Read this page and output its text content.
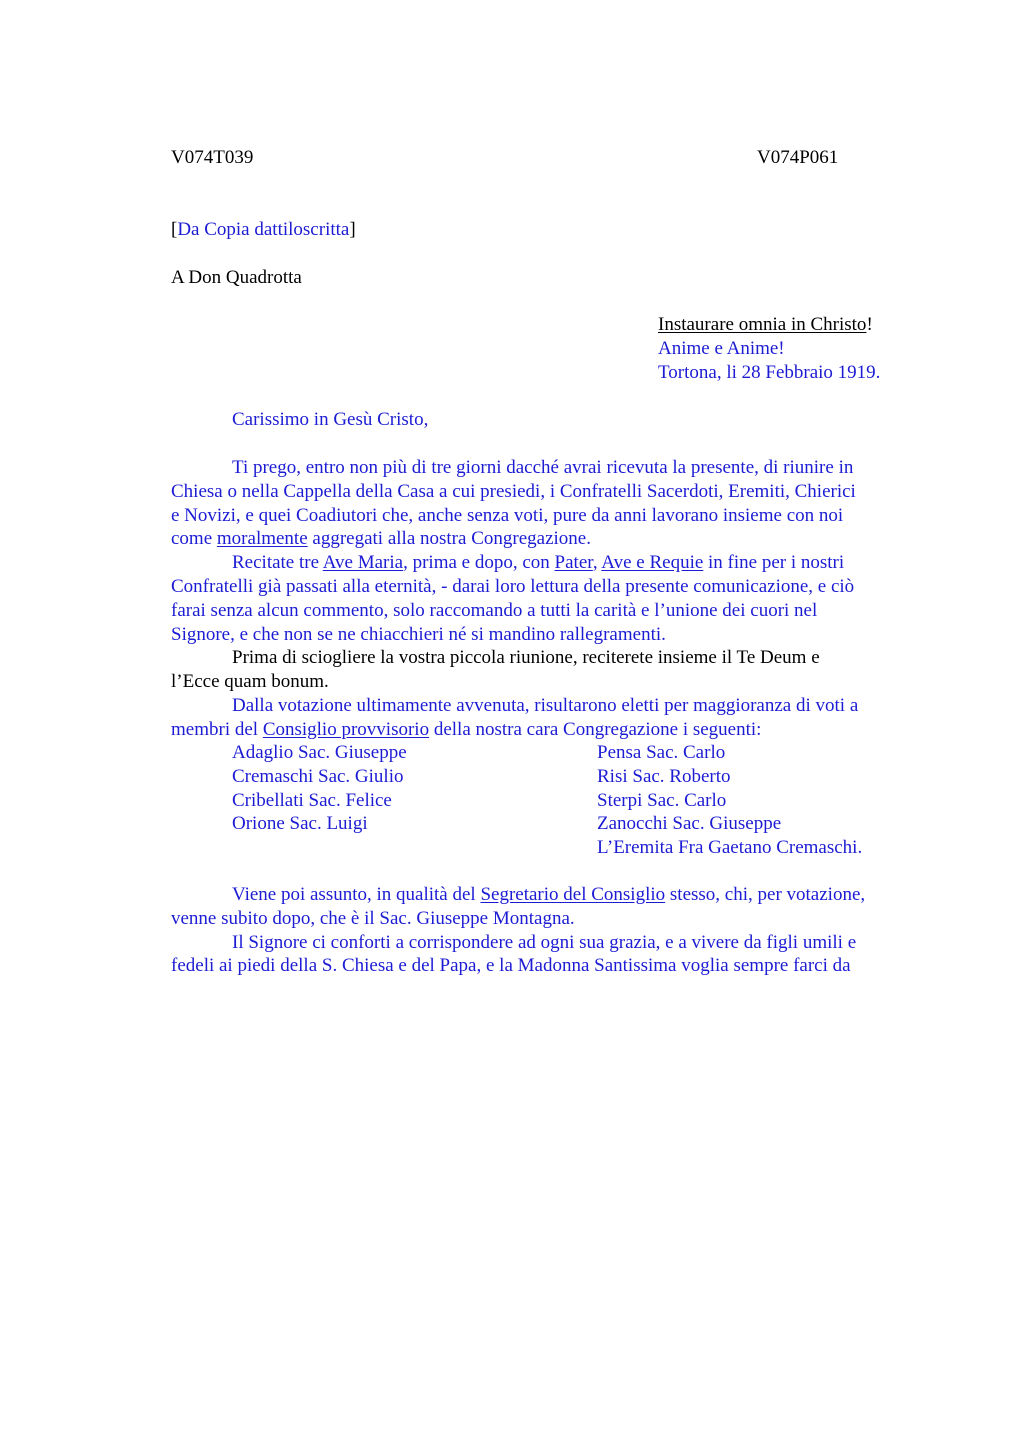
V074T039	V074P061
[Da Copia dattiloscritta]
A Don Quadrotta
Instaurare omnia in Christo!
Anime e Anime!
Tortona, li 28 Febbraio 1919.
Carissimo in Gesù Cristo,
Ti prego, entro non più di tre giorni dacché avrai ricevuta la presente, di riunire in
Chiesa o nella Cappella della Casa a cui presiedi, i Confratelli Sacerdoti, Eremiti, Chierici
e Novizi, e quei Coadiutori che, anche senza voti, pure da anni lavorano insieme con noi
come moralmente aggregati alla nostra Congregazione.
Recitate tre Ave Maria, prima e dopo, con Pater, Ave e Requie in fine per i nostri
Confratelli già passati alla eternità, - darai loro lettura della presente comunicazione, e ciò
farai senza alcun commento, solo raccomando a tutti la carità e l’unione dei cuori nel
Signore, e che non se ne chiacchieri né si mandino rallegramenti.
Prima di sciogliere la vostra piccola riunione, reciterete insieme il Te Deum e
l’Ecce quam bonum.
Dalla votazione ultimamente avvenuta, risultarono eletti per maggioranza di voti a
membri del Consiglio provvisorio della nostra cara Congregazione i seguenti:
Adaglio Sac. Giuseppe
Cremaschi Sac. Giulio
Cribellati Sac. Felice
Orione Sac. Luigi
Pensa Sac. Carlo
Risi Sac. Roberto
Sterpi Sac. Carlo
Zanocchi Sac. Giuseppe
L’Eremita Fra Gaetano Cremaschi.
Viene poi assunto, in qualità del Segretario del Consiglio stesso, chi, per votazione,
venne subito dopo, che è il Sac. Giuseppe Montagna.
Il Signore ci conforti a corrispondere ad ogni sua grazia, e a vivere da figli umili e
fedeli ai piedi della S. Chiesa e del Papa, e la Madonna Santissima voglia sempre farci da
